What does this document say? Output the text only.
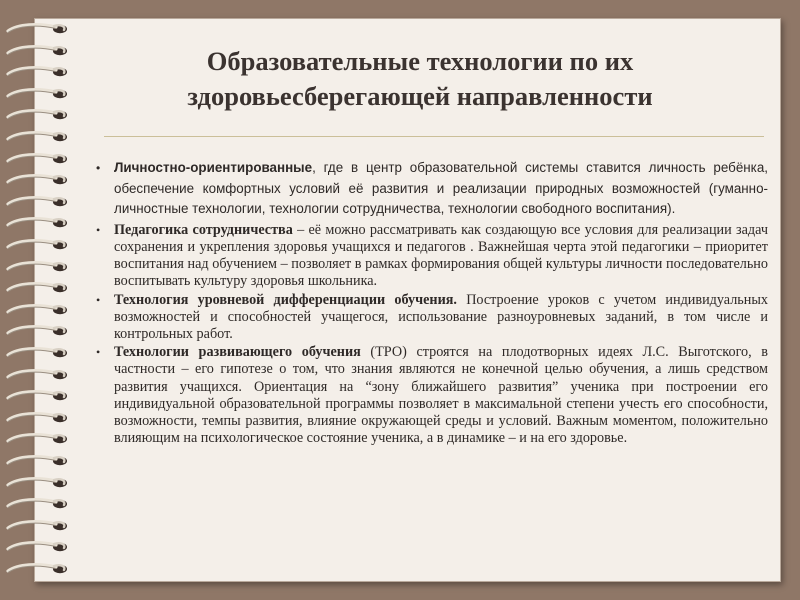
Образовательные технологии по их
здоровьесберегающей направленности
• Личностно-ориентированные, где в центр образовательной системы ставится личность ребёнка, обеспечение комфортных условий её развития и реализации природных возможностей (гуманно-личностные технологии, технологии сотрудничества, технологии свободного воспитания).
• Педагогика сотрудничества – её можно рассматривать как создающую все условия для реализации задач сохранения и укрепления здоровья учащихся и педагогов . Важнейшая черта этой педагогики – приоритет воспитания над обучением – позволяет в рамках формирования общей культуры личности последовательно воспитывать культуру здоровья школьника.
• Технология уровневой дифференциации обучения. Построение уроков с учетом индивидуальных возможностей и способностей учащегося, использование разноуровневых заданий, в том числе и контрольных работ.
• Технологии развивающего обучения (ТРО) строятся на плодотворных идеях Л.С. Выготского, в частности – его гипотезе о том, что знания являются не конечной целью обучения, а лишь средством развития учащихся. Ориентация на “зону ближайшего развития” ученика при построении его индивидуальной образовательной программы позволяет в максимальной степени учесть его способности, возможности, темпы развития, влияние окружающей среды и условий. Важным моментом, положительно влияющим на психологическое состояние ученика, а в динамике – и на его здоровье.
